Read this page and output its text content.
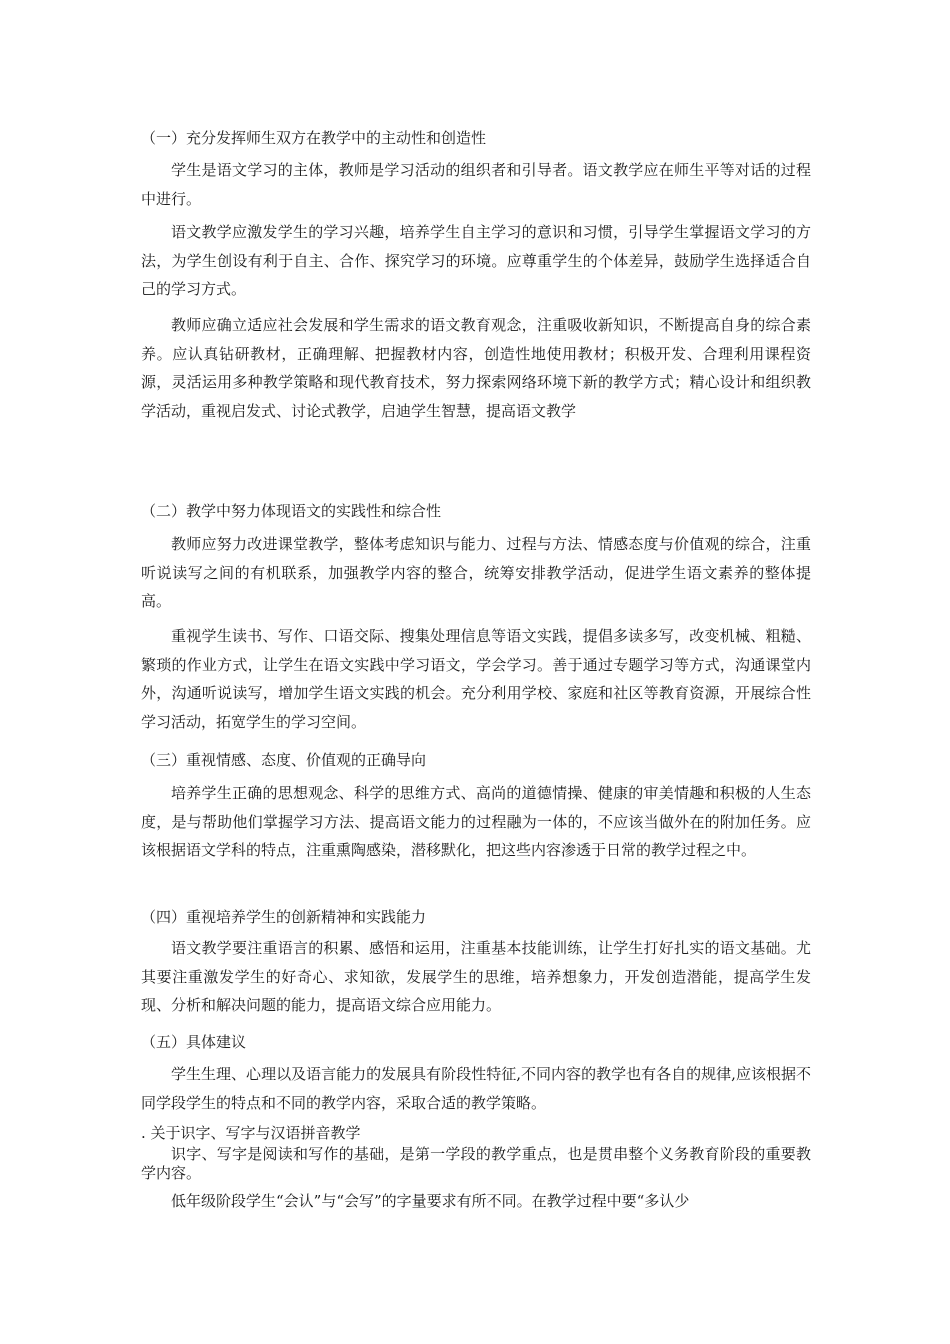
（一）充分发挥师生双方在教学中的主动性和创造性

学生是语文学习的主体，教师是学习活动的组织者和引导者。语文教学应在师生平等对话的过程中进行。

语文教学应激发学生的学习兴趣，培养学生自主学习的意识和习惯，引导学生掌握语文学习的方法，为学生创设有利于自主、合作、探究学习的环境。应尊重学生的个体差异，鼓励学生选择适合自己的学习方式。

教师应确立适应社会发展和学生需求的语文教育观念，注重吸收新知识，不断提高自身的综合素养。应认真钻研教材，正确理解、把握教材内容，创造性地使用教材；积极开发、合理利用课程资源，灵活运用多种教学策略和现代教育技术，努力探索网络环境下新的教学方式；精心设计和组织教学活动，重视启发式、讨论式教学，启迪学生智慧，提高语文教学

（二）教学中努力体现语文的实践性和综合性

教师应努力改进课堂教学，整体考虑知识与能力、过程与方法、情感态度与价值观的综合，注重听说读写之间的有机联系，加强教学内容的整合，统筹安排教学活动，促进学生语文素养的整体提高。

重视学生读书、写作、口语交际、搜集处理信息等语文实践，提倡多读多写，改变机械、粗糙、繁琐的作业方式，让学生在语文实践中学习语文，学会学习。善于通过专题学习等方式，沟通课堂内外，沟通听说读写，增加学生语文实践的机会。充分利用学校、家庭和社区等教育资源，开展综合性学习活动，拓宽学生的学习空间。

（三）重视情感、态度、价值观的正确导向

培养学生正确的思想观念、科学的思维方式、高尚的道德情操、健康的审美情趣和积极的人生态度，是与帮助他们掌握学习方法、提高语文能力的过程融为一体的，不应该当做外在的附加任务。应该根据语文学科的特点，注重熏陶感染，潜移默化，把这些内容渗透于日常的教学过程之中。

（四）重视培养学生的创新精神和实践能力

语文教学要注重语言的积累、感悟和运用，注重基本技能训练，让学生打好扎实的语文基础。尤其要注重激发学生的好奇心、求知欲，发展学生的思维，培养想象力，开发创造潜能，提高学生发现、分析和解决问题的能力，提高语文综合应用能力。

（五）具体建议

学生生理、心理以及语言能力的发展具有阶段性特征,不同内容的教学也有各自的规律,应该根据不同学段学生的特点和不同的教学内容，采取合适的教学策略。

. 关于识字、写字与汉语拼音教学

识字、写字是阅读和写作的基础，是第一学段的教学重点，也是贯串整个义务教育阶段的重要教学内容。

低年级阶段学生“会认”与“会写”的字量要求有所不同。在教学过程中要“多认少
